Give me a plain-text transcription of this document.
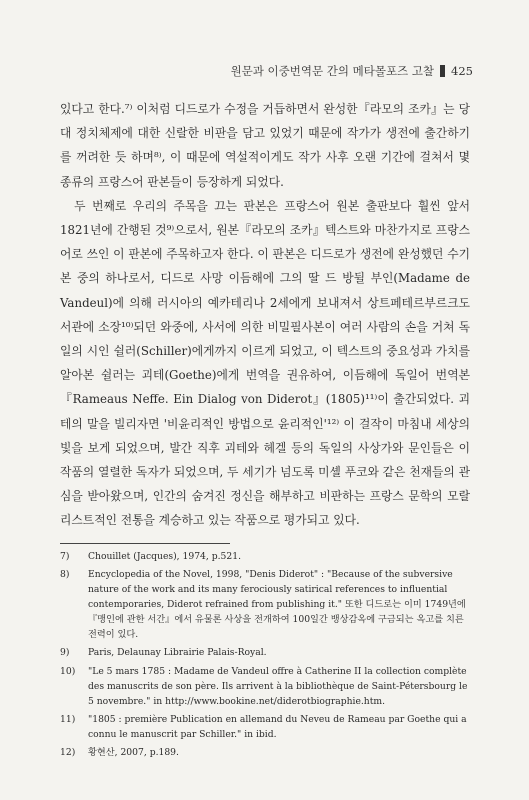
원문과 이중번역문 간의 메타몰포즈 고찰 425

있다고 한다.⁷⁾ 이처럼 디드로가 수정을 거듭하면서 완성한『라모의 조카』는 당대 정치체제에 대한 신랄한 비판을 담고 있었기 때문에 작가가 생전에 출간하기를 꺼려한 듯 하며⁸⁾, 이 때문에 역설적이게도 작가 사후 오랜 기간에 걸쳐서 몇 종류의 프랑스어 판본들이 등장하게 되었다.

두 번째로 우리의 주목을 끄는 판본은 프랑스어 원본 출판보다 훨씬 앞서 1821년에 간행된 것⁹⁾으로서, 원본『라모의 조카』텍스트와 마찬가지로 프랑스어로 쓰인 이 판본에 주목하고자 한다. 이 판본은 디드로가 생전에 완성했던 수기본 중의 하나로서, 디드로 사망 이듬해에 그의 딸 드 방뒬 부인(Madame de Vandeul)에 의해 러시아의 예카테리나 2세에게 보내져서 상트페테르부르크도서관에 소장¹⁰⁾되던 와중에, 사서에 의한 비밀필사본이 여러 사람의 손을 거쳐 독일의 시인 쉴러(Schiller)에게까지 이르게 되었고, 이 텍스트의 중요성과 가치를 알아본 쉴러는 괴테(Goethe)에게 번역을 권유하여, 이듬해에 독일어 번역본『Rameaus Neffe. Ein Dialog von Diderot』(1805)¹¹⁾이 출간되었다. 괴테의 말을 빌리자면 '비윤리적인 방법으로 윤리적인'¹²⁾ 이 걸작이 마침내 세상의 빛을 보게 되었으며, 발간 직후 괴테와 헤겔 등의 독일의 사상가와 문인들은 이 작품의 열렬한 독자가 되었으며, 두 세기가 넘도록 미셸 푸코와 같은 천재들의 관심을 받아왔으며, 인간의 숨겨진 정신을 해부하고 비판하는 프랑스 문학의 모랄리스트적인 전통을 계승하고 있는 작품으로 평가되고 있다.

7)	Chouillet (Jacques), 1974, p.521.
8)	Encyclopedia of the Novel, 1998, "Denis Diderot" : "Because of the subversive nature of the work and its many ferociously satirical references to influential contemporaries, Diderot refrained from publishing it." 또한 디드로는 이미 1749년에『맹인에 관한 서간』에서 유물론 사상을 전개하여 100일간 뱅상감옥에 구금되는 옥고를 치른 전력이 있다.
9)	Paris, Delaunay Librairie Palais-Royal.
10)	"Le 5 mars 1785 : Madame de Vandeul offre à Catherine II la collection complète des manuscrits de son père. Ils arrivent à la bibliothèque de Saint-Pétersbourg le 5 novembre." in http://www.bookine.net/diderotbiographie.htm.
11)	"1805 : première Publication en allemand du Neveu de Rameau par Goethe qui a connu le manuscrit par Schiller." in ibid.
12)	황현산, 2007, p.189.
